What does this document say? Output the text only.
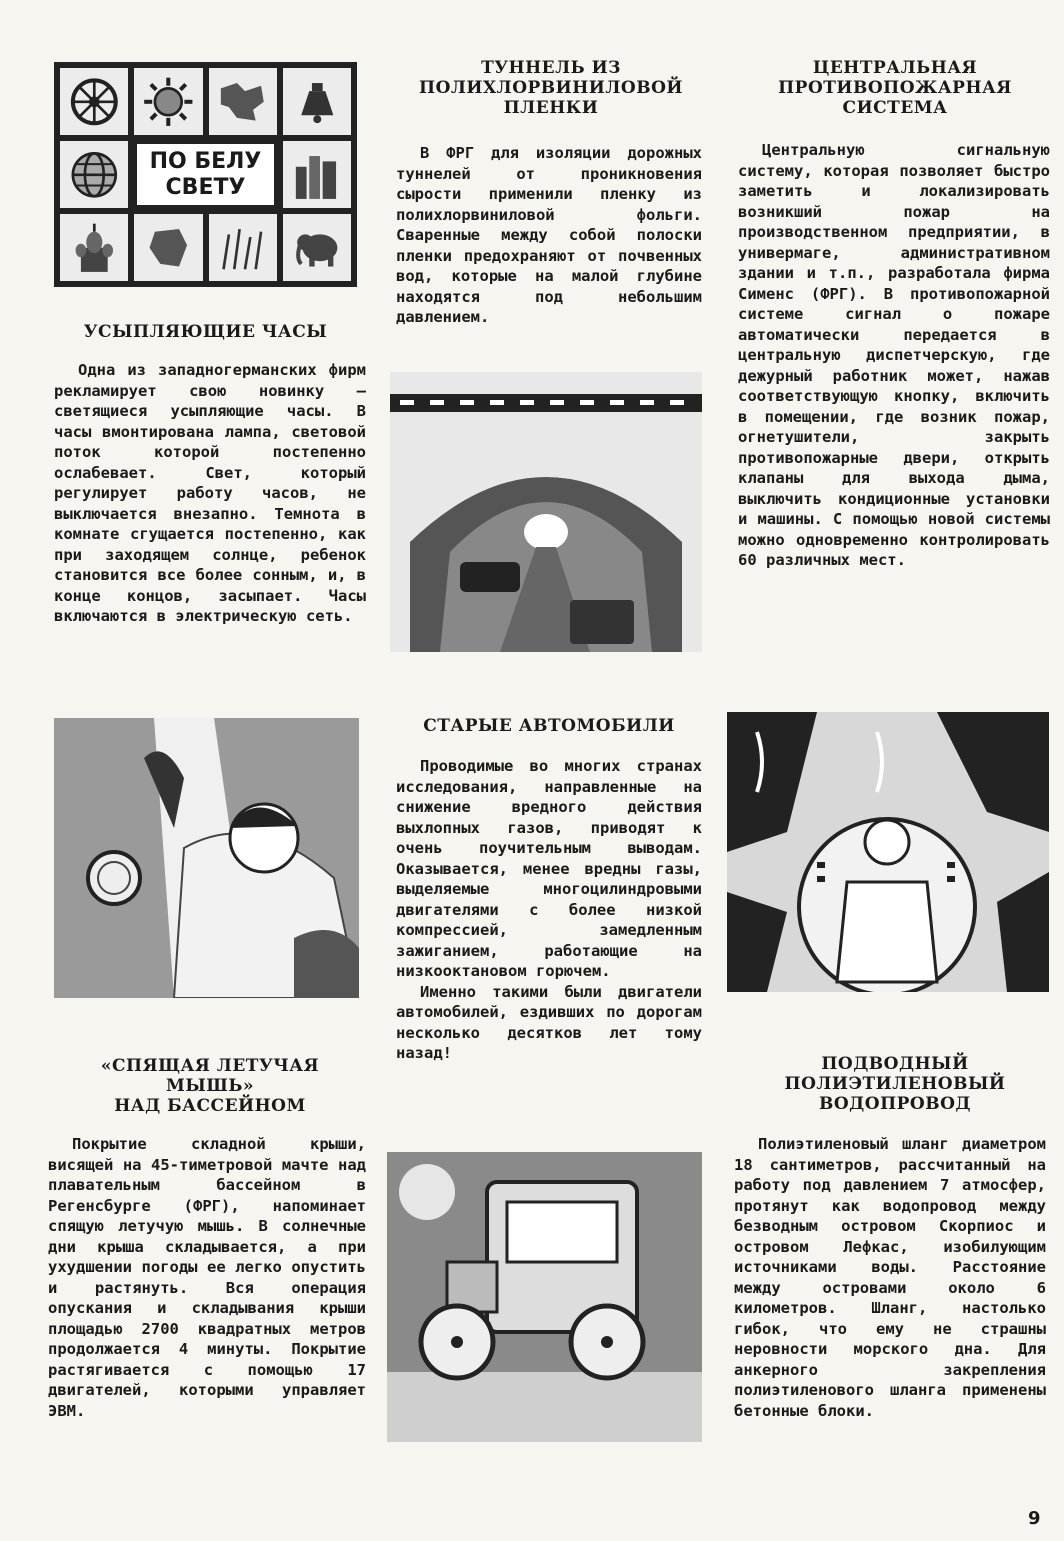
ПО БЕЛУ
СВЕТУ
УСЫПЛЯЮЩИЕ ЧАСЫ

Одна из западногерманских фирм рекламирует свою новинку — светящиеся усыпляющие часы. В часы вмонтирована лампа, световой поток которой постепенно ослабевает. Свет, который регулирует работу часов, не выключается внезапно. Темнота в комнате сгущается постепенно, как при заходящем солнце, ребенок становится все более сонным, и, в конце концов, засыпает. Часы включаются в электрическую сеть.

ТУННЕЛЬ ИЗ ПОЛИХЛОРВИНИЛОВОЙ ПЛЕНКИ

В ФРГ для изоляции дорожных туннелей от проникновения сырости применили пленку из полихлорвиниловой фольги. Сваренные между собой полоски пленки предохраняют от почвенных вод, которые на малой глубине находятся под небольшим давлением.

ЦЕНТРАЛЬНАЯ ПРОТИВОПОЖАРНАЯ СИСТЕМА

Центральную сигнальную систему, которая позволяет быстро заметить и локализировать возникший пожар на производственном предприятии, в универмаге, административном здании и т.п., разработала фирма Сименс (ФРГ). В противопожарной системе сигнал о пожаре автоматически передается в центральную диспетчерскую, где дежурный работник может, нажав соответствующую кнопку, включить в помещении, где возник пожар, огнетушители, закрыть противопожарные двери, открыть клапаны для выхода дыма, выключить кондиционные установки и машины. С помощью новой системы можно одновременно контролировать 60 различных мест.

СТАРЫЕ АВТОМОБИЛИ

Проводимые во многих странах исследования, направленные на снижение вредного действия выхлопных газов, приводят к очень поучительным выводам. Оказывается, менее вредны газы, выделяемые многоцилиндровыми двигателями с более низкой компрессией, замедленным зажиганием, работающие на низкооктановом горючем.

Именно такими были двигатели автомобилей, ездивших по дорогам несколько десятков лет тому назад!

«СПЯЩАЯ ЛЕТУЧАЯ
МЫШЬ»
НАД БАССЕЙНОМ

Покрытие складной крыши, висящей на 45-тиметровой мачте над плавательным бассейном в Регенсбурге (ФРГ), напоминает спящую летучую мышь. В солнечные дни крыша складывается, а при ухудшении погоды ее легко опустить и растянуть. Вся операция опускания и складывания крыши площадью 2700 квадратных метров продолжается 4 минуты. Покрытие растягивается с помощью 17 двигателей, которыми управляет ЭВМ.

ПОДВОДНЫЙ
ПОЛИЭТИЛЕНОВЫЙ
ВОДОПРОВОД

Полиэтиленовый шланг диаметром 18 сантиметров, рассчитанный на работу под давлением 7 атмосфер, протянут как водопровод между безводным островом Скорпиос и островом Лефкас, изобилующим источниками воды. Расстояние между островами около 6 километров. Шланг, настолько гибок, что ему не страшны неровности морского дна. Для анкерного закрепления полиэтиленового шланга применены бетонные блоки.

9
